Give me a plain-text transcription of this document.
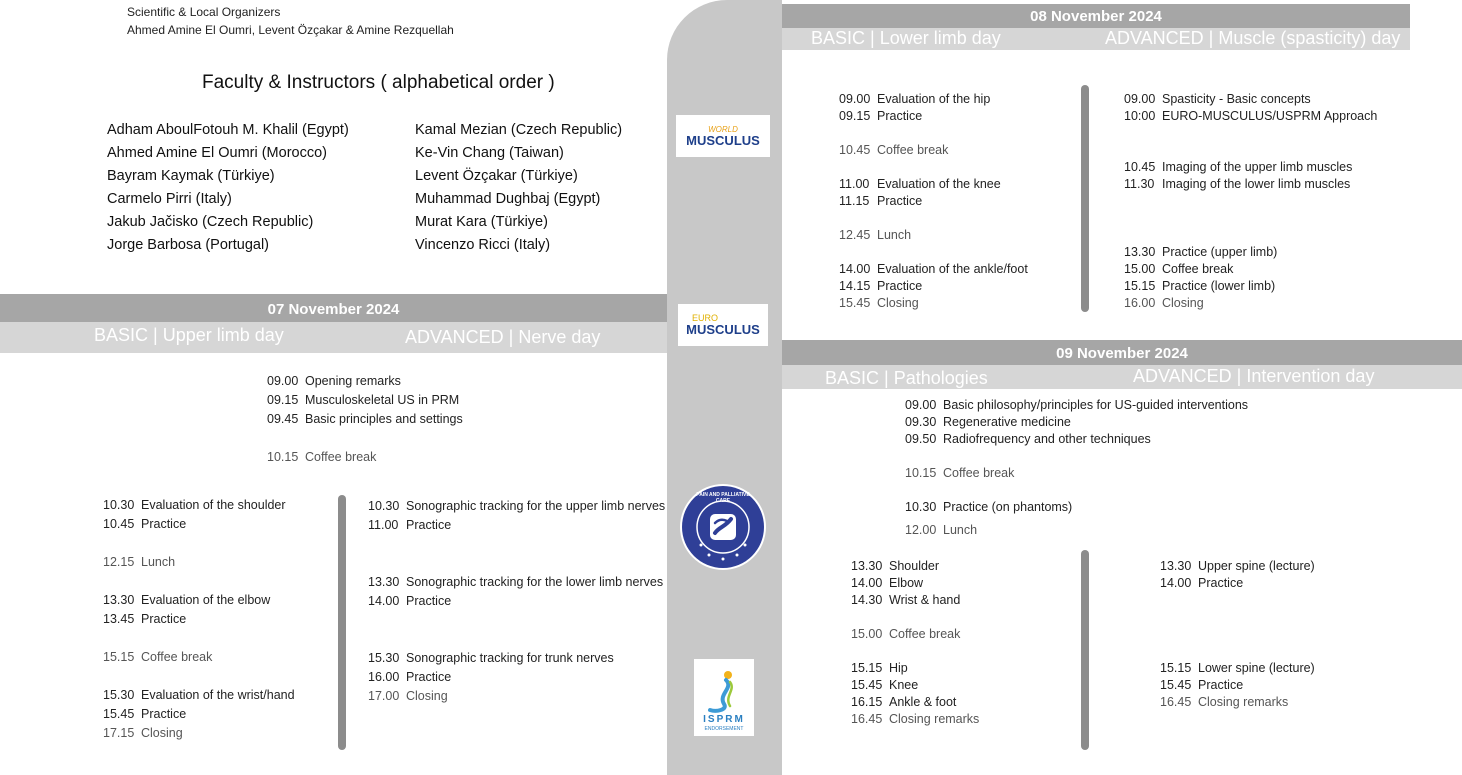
Scientific & Local Organizers
Ahmed Amine El Oumri, Levent Özçakar & Amine Rezquellah
Faculty & Instructors ( alphabetical order )
Adham AboulFotouh M. Khalil (Egypt)
Ahmed Amine El Oumri (Morocco)
Bayram Kaymak (Türkiye)
Carmelo Pirri (Italy)
Jakub Jačisko (Czech Republic)
Jorge Barbosa (Portugal)
Kamal Mezian (Czech Republic)
Ke-Vin Chang (Taiwan)
Levent Özçakar (Türkiye)
Muhammad Dughbaj (Egypt)
Murat Kara (Türkiye)
Vincenzo Ricci (Italy)
07 November 2024
BASIC | Upper limb day	ADVANCED | Nerve day
09.00 Opening remarks
09.15 Musculoskeletal US in PRM
09.45 Basic principles and settings
10.15 Coffee break
10.30 Evaluation of the shoulder
10.45 Practice
12.15 Lunch
13.30 Evaluation of the elbow
13.45 Practice
15.15 Coffee break
15.30 Evaluation of the wrist/hand
15.45 Practice
17.15 Closing
10.30 Sonographic tracking for the upper limb nerves
11.00 Practice
13.30 Sonographic tracking for the lower limb nerves
14.00 Practice
15.30 Sonographic tracking for trunk nerves
16.00 Practice
17.00 Closing
08 November 2024
BASIC | Lower limb day	ADVANCED | Muscle (spasticity) day
09.00 Evaluation of the hip
09.15 Practice
10.45 Coffee break
11.00 Evaluation of the knee
11.15 Practice
12.45 Lunch
14.00 Evaluation of the ankle/foot
14.15 Practice
15.45 Closing
09.00 Spasticity - Basic concepts
10:00 EURO-MUSCULUS/USPRM Approach
10.45 Imaging of the upper limb muscles
11.30 Imaging of the lower limb muscles
13.30 Practice (upper limb)
15.00 Coffee break
15.15 Practice (lower limb)
16.00 Closing
09 November 2024
BASIC | Pathologies	ADVANCED | Intervention day
09.00 Basic philosophy/principles for US-guided interventions
09.30 Regenerative medicine
09.50 Radiofrequency and other techniques
10.15 Coffee break
10.30 Practice (on phantoms)
12.00 Lunch
13.30 Shoulder
14.00 Elbow
14.30 Wrist & hand
15.00 Coffee break
15.15 Hip
15.45 Knee
16.15 Ankle & foot
16.45 Closing remarks
13.30 Upper spine (lecture)
14.00 Practice
15.15 Lower spine (lecture)
15.45 Practice
16.45 Closing remarks
WORLD
MUSCULUS
EURO
MUSCULUS
PAIN AND PALLIATIVE CARE
ISPRM
ENDORSEMENT
